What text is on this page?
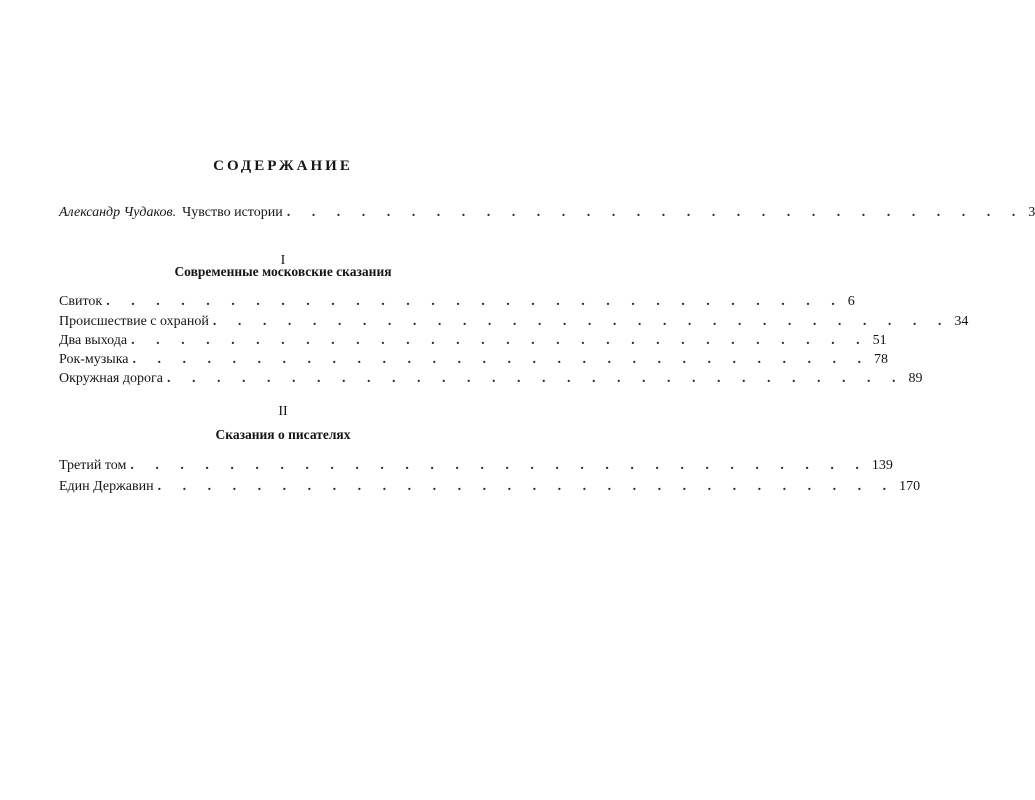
СОДЕРЖАНИЕ
Александр Чудаков. Чувство истории . . . . . . . . . . . . . . . . . . . . . . . . . . . . . . 3
I
Современные московские сказания
Свиток . . . . . . . . . . . . . . . . . . . . . . . . . . . . . . 6
Происшествие с охраной . . . . . . . . . . . . . . . . . . . . . . . . . . . . . . 34
Два выхода . . . . . . . . . . . . . . . . . . . . . . . . . . . . . . 51
Рок-музыка . . . . . . . . . . . . . . . . . . . . . . . . . . . . . . 78
Окружная дорога . . . . . . . . . . . . . . . . . . . . . . . . . . . . . . 89
II
Сказания о писателях
Третий том . . . . . . . . . . . . . . . . . . . . . . . . . . . . . . 139
Един Державин . . . . . . . . . . . . . . . . . . . . . . . . . . . . . . 170
